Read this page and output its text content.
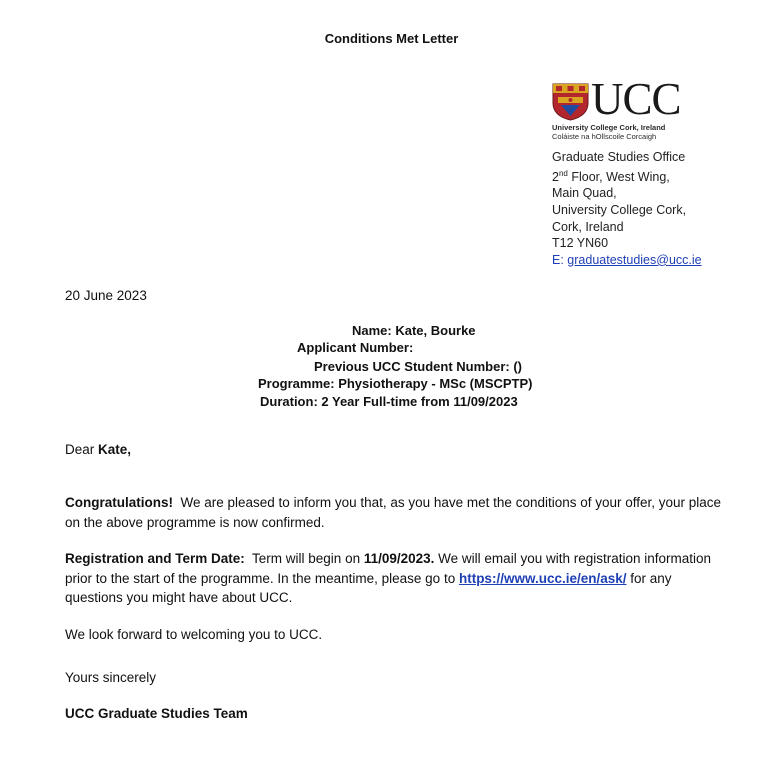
Conditions Met Letter
UCC
University College Cork, Ireland
Coláiste na hOllscoile Corcaigh
Graduate Studies Office
2nd Floor, West Wing,
Main Quad,
University College Cork,
Cork, Ireland
T12 YN60
E: graduatestudies@ucc.ie
20 June 2023
Name: Kate, Bourke
Applicant Number:
Previous UCC Student Number: ()
Programme: Physiotherapy - MSc (MSCPTP)
Duration: 2 Year Full-time from 11/09/2023
Dear Kate,
Congratulations!  We are pleased to inform you that, as you have met the conditions of your offer, your place on the above programme is now confirmed.
Registration and Term Date:  Term will begin on 11/09/2023. We will email you with registration information prior to the start of the programme. In the meantime, please go to https://www.ucc.ie/en/ask/ for any questions you might have about UCC.
We look forward to welcoming you to UCC.
Yours sincerely
UCC Graduate Studies Team
